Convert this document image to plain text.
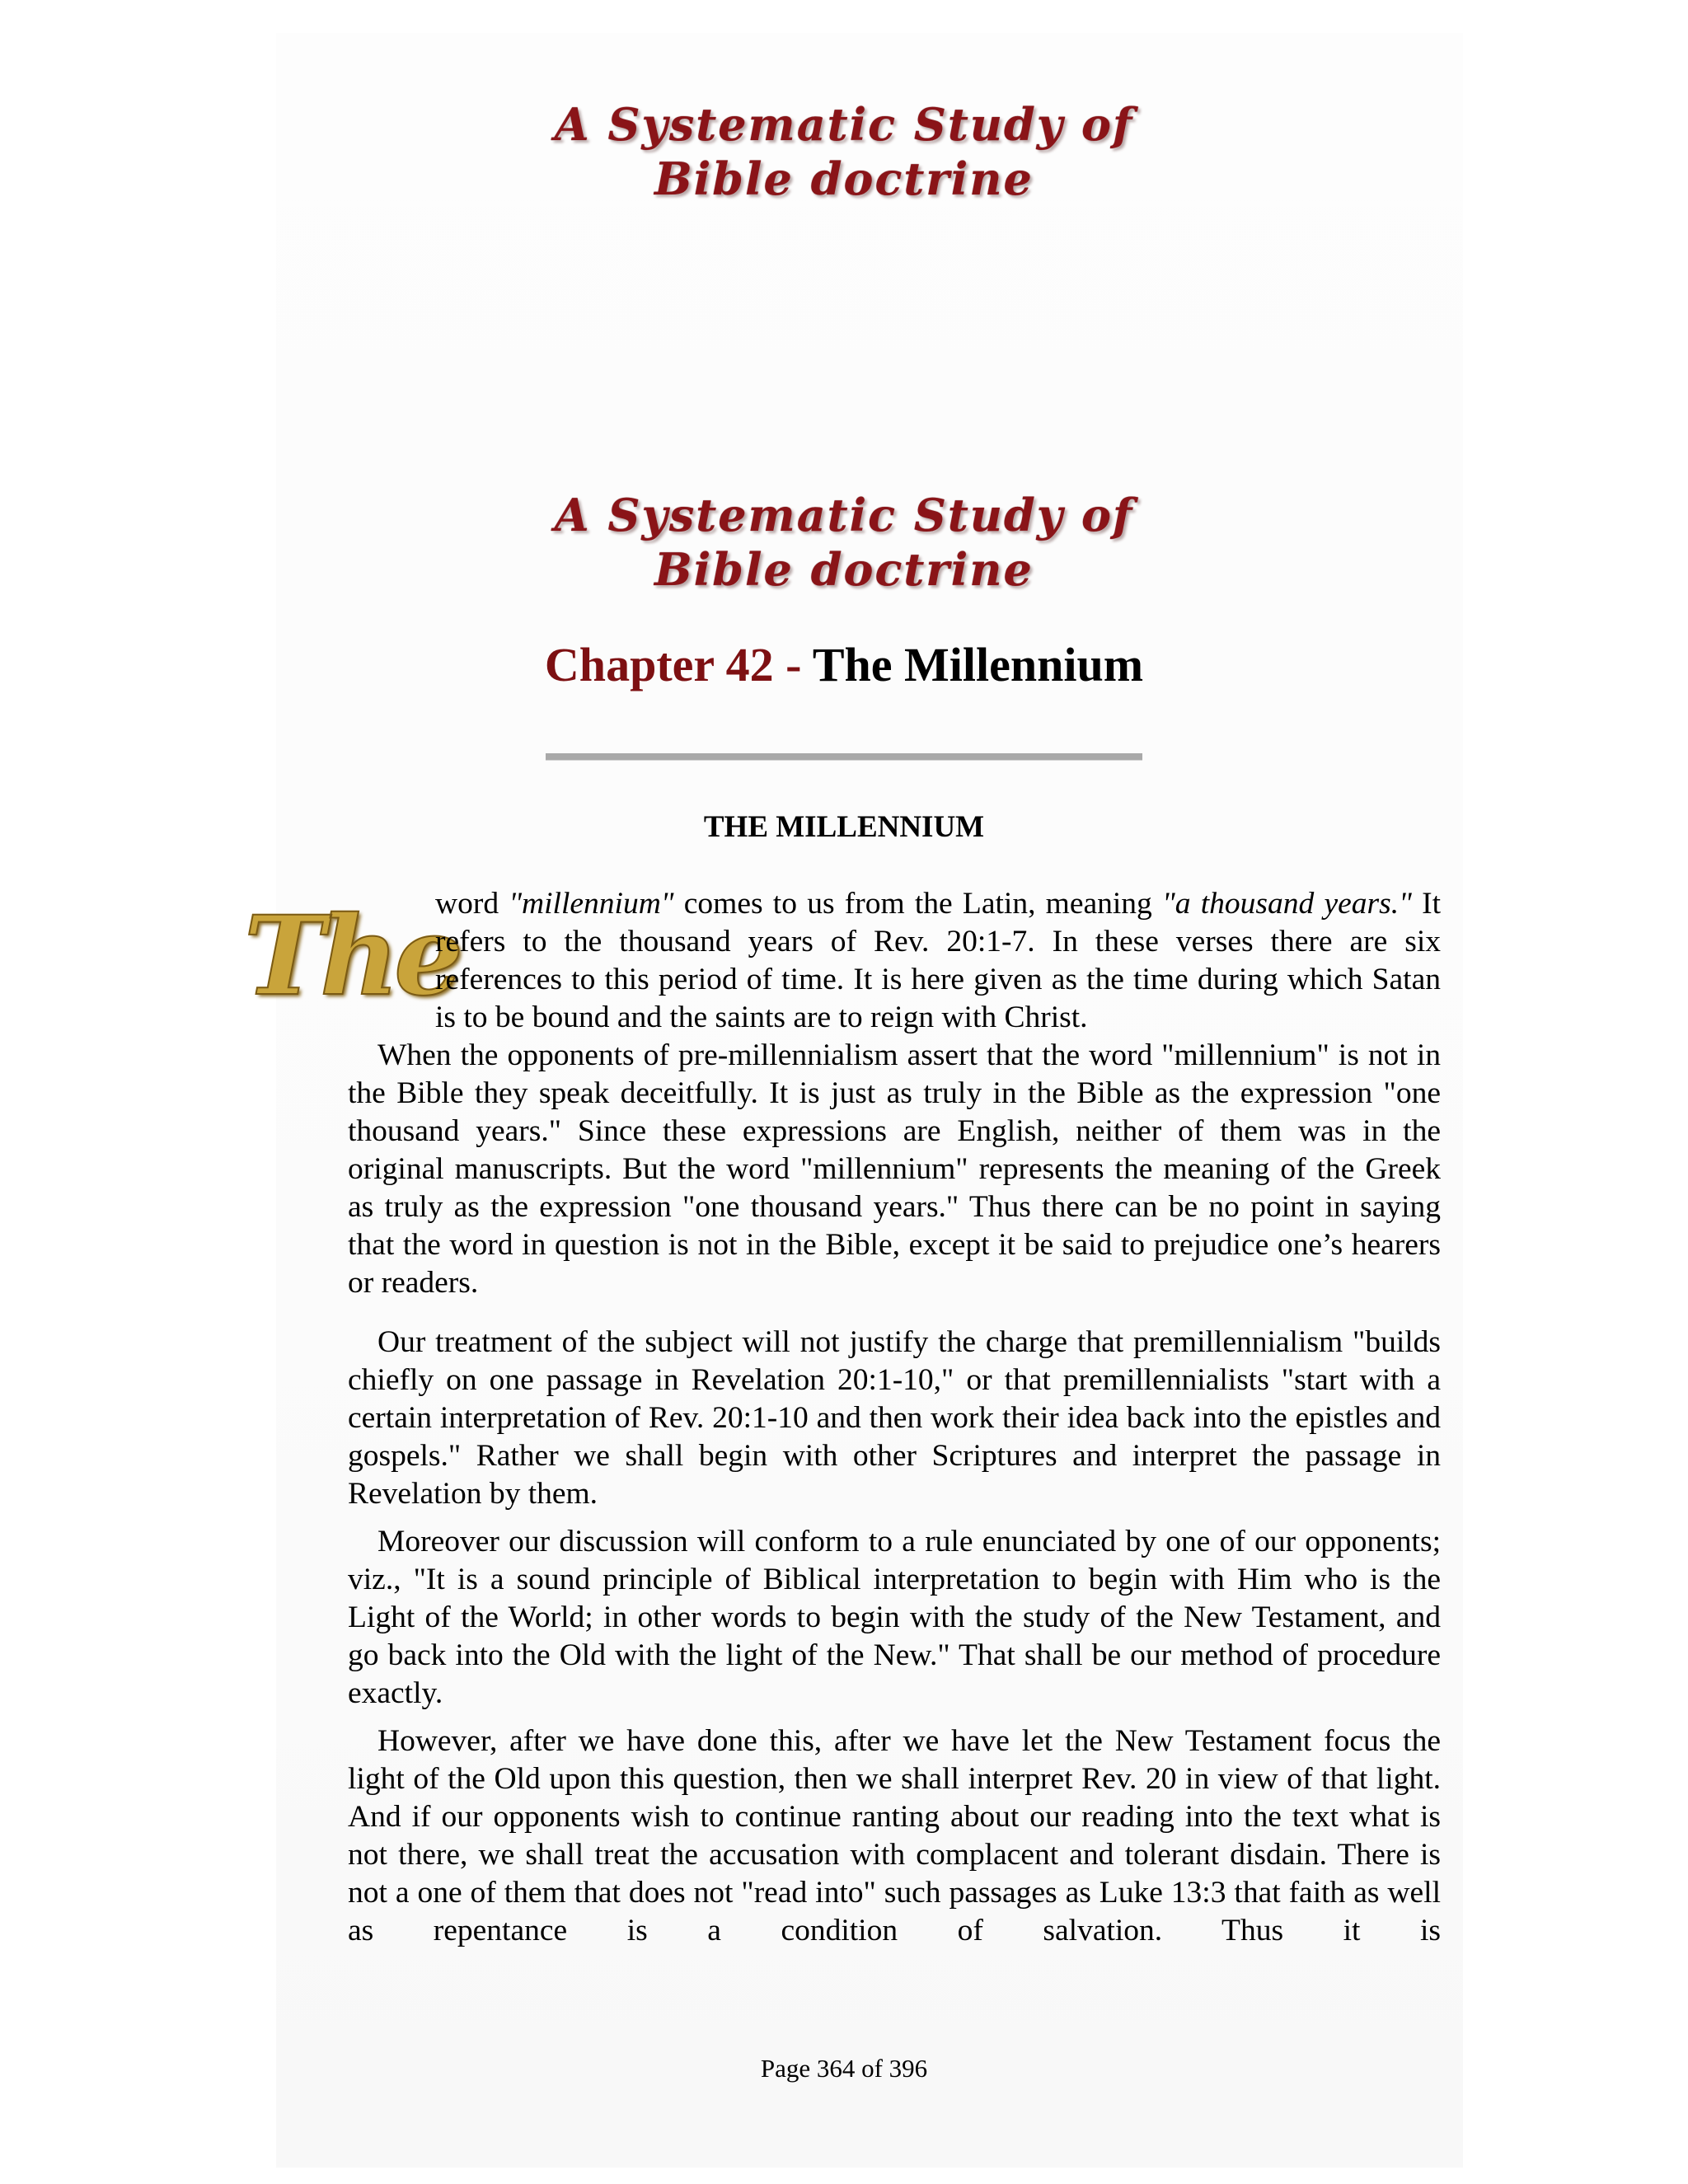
A Systematic Study of
Bible doctrine
A Systematic Study of
Bible doctrine
Chapter 42 - The Millennium
THE MILLENNIUM
The

word "millennium" comes to us from the Latin, meaning "a thousand years." It refers to the thousand years of Rev. 20:1-7. In these verses there are six references to this period of time. It is here given as the time during which Satan is to be bound and the saints are to reign with Christ.

When the opponents of pre-millennialism assert that the word "millennium" is not in the Bible they speak deceitfully. It is just as truly in the Bible as the expression "one thousand years." Since these expressions are English, neither of them was in the original manuscripts. But the word "millennium" represents the meaning of the Greek as truly as the expression "one thousand years." Thus there can be no point in saying that the word in question is not in the Bible, except it be said to prejudice one’s hearers or readers.

Our treatment of the subject will not justify the charge that premillennialism "builds chiefly on one passage in Revelation 20:1-10," or that premillennialists "start with a certain interpretation of Rev. 20:1-10 and then work their idea back into the epistles and gospels." Rather we shall begin with other Scriptures and interpret the passage in Revelation by them.

Moreover our discussion will conform to a rule enunciated by one of our opponents; viz., "It is a sound principle of Biblical interpretation to begin with Him who is the Light of the World; in other words to begin with the study of the New Testament, and go back into the Old with the light of the New." That shall be our method of procedure exactly.

However, after we have done this, after we have let the New Testament focus the light of the Old upon this question, then we shall interpret Rev. 20 in view of that light. And if our opponents wish to continue ranting about our reading into the text what is not there, we shall treat the accusation with complacent and tolerant disdain. There is not a one of them that does not "read into" such passages as Luke 13:3 that faith as well as repentance is a condition of salvation. Thus it is

Page 364 of 396
